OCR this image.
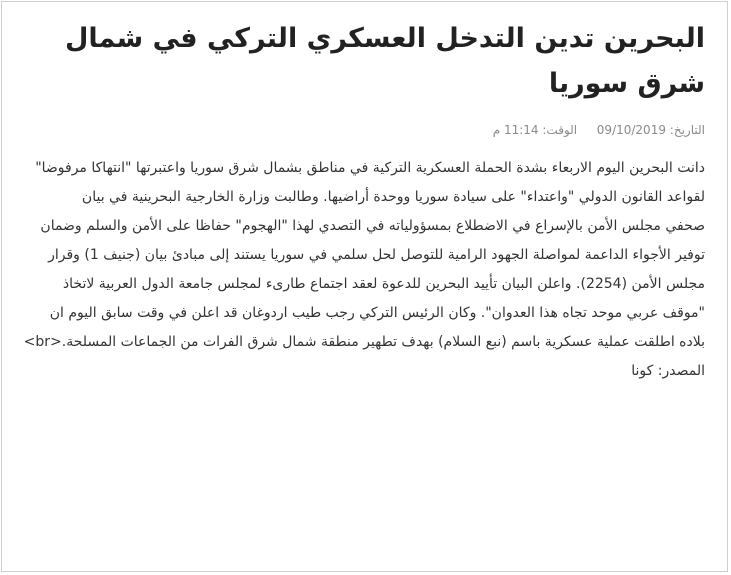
البحرين تدين التدخل العسكري التركي في شمال شرق سوريا
التاريخ: 09/10/2019  الوقت: 11:14 م
دانت البحرين اليوم الاربعاء بشدة الحملة العسكرية التركية في مناطق بشمال شرق سوريا واعتبرتها "انتهاكا مرفوضا"
لقواعد القانون الدولي "واعتداء" على سيادة سوريا ووحدة أراضيها. وطالبت وزارة الخارجية البحرينية في بيان
صحفي مجلس الأمن بالإسراع في الاضطلاع بمسؤولياته في التصدي لهذا "الهجوم" حفاظا على الأمن والسلم وضمان
توفير الأجواء الداعمة لمواصلة الجهود الرامية للتوصل لحل سلمي في سوريا يستند إلى مبادئ بيان (جنيف 1) وقرار
مجلس الأمن (2254). واعلن البيان تأييد البحرين للدعوة لعقد اجتماع طارىء لمجلس جامعة الدول العربية لاتخاذ
"موقف عربي موحد تجاه هذا العدوان". وكان الرئيس التركي رجب طيب اردوغان قد اعلن في وقت سابق اليوم ان
بلاده اطلقت عملية عسكرية باسم (نبع السلام) بهدف تطهير منطقة شمال شرق الفرات من الجماعات المسلحة.<br>
المصدر: كونا
